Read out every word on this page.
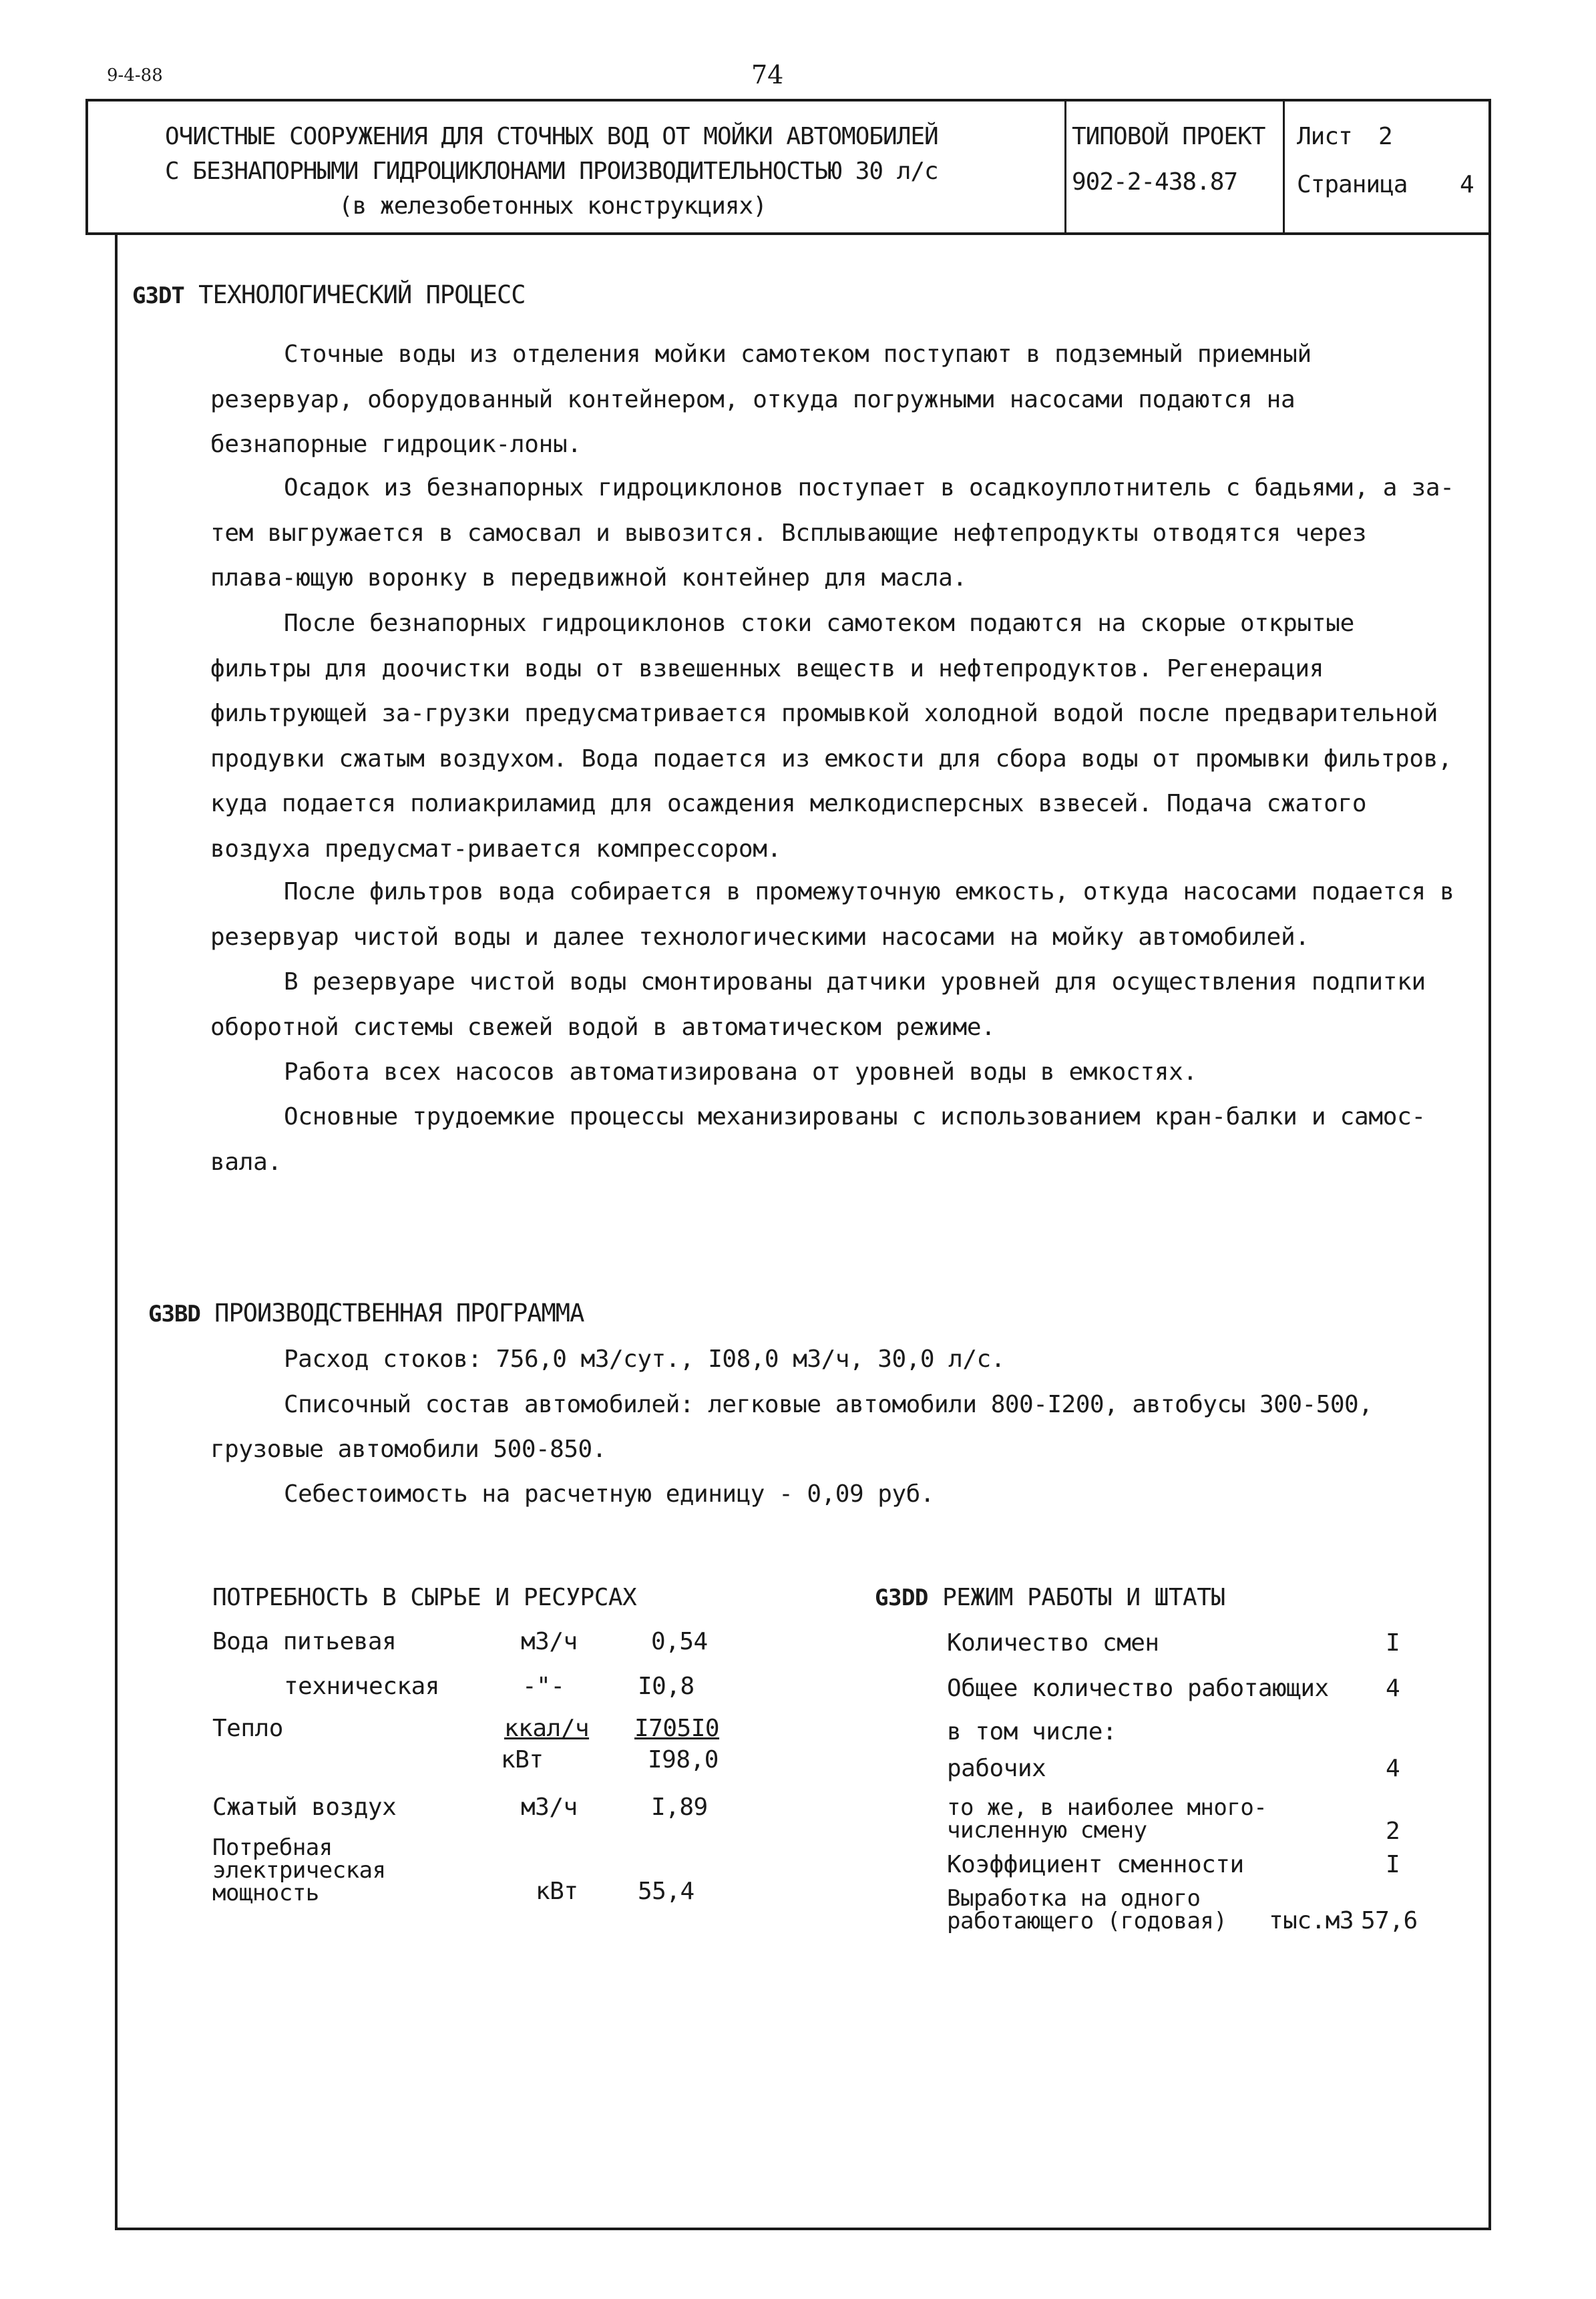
9-4-88	74
ОЧИСТНЫЕ СООРУЖЕНИЯ ДЛЯ СТОЧНЫХ ВОД ОТ МОЙКИ АВТОМОБИЛЕЙ
С БЕЗНАПОРНЫМИ ГИДРОЦИКЛОНАМИ ПРОИЗВОДИТЕЛЬНОСТЬЮ 30 л/с
(в железобетонных конструкциях)
ТИПОВОЙ ПРОЕКТ
902-2-438.87
Лист 2
Страница 4
G3DT ТЕХНОЛОГИЧЕСКИЙ ПРОЦЕСС
Сточные воды из отделения мойки самотеком поступают в подземный приемный резервуар, оборудованный контейнером, откуда погружными насосами подаются на безнапорные гидроцик-лоны.
Осадок из безнапорных гидроциклонов поступает в осадкоуплотнитель с бадьями, а за-тем выгружается в самосвал и вывозится. Всплывающие нефтепродукты отводятся через плава-ющую воронку в передвижной контейнер для масла.
После безнапорных гидроциклонов стоки самотеком подаются на скорые открытые фильтры для доочистки воды от взвешенных веществ и нефтепродуктов. Регенерация фильтрующей за-грузки предусматривается промывкой холодной водой после предварительной продувки сжатым воздухом. Вода подается из емкости для сбора воды от промывки фильтров, куда подается полиакриламид для осаждения мелкодисперсных взвесей. Подача сжатого воздуха предусмат-ривается компрессором.
После фильтров вода собирается в промежуточную емкость, откуда насосами подается в резервуар чистой воды и далее технологическими насосами на мойку автомобилей.
В резервуаре чистой воды смонтированы датчики уровней для осуществления подпитки оборотной системы свежей водой в автоматическом режиме.
Работа всех насосов автоматизирована от уровней воды в емкостях.
Основные трудоемкие процессы механизированы с использованием кран-балки и самос-вала.
G3BD ПРОИЗВОДСТВЕННАЯ ПРОГРАММА
Расход стоков: 756,0 м3/сут., I08,0 м3/ч, 30,0 л/с.
Списочный состав автомобилей: легковые автомобили 800-I200, автобусы 300-500,
грузовые автомобили 500-850.
Себестоимость на расчетную единицу - 0,09 руб.
ПОТРЕБНОСТЬ В СЫРЬЕ И РЕСУРСАХ
Вода питьевая	м3/ч	0,54
техническая	-"-	I0,8
Тепло	ккал/ч I705I0
кВт	I98,0
Сжатый воздух	м3/ч	I,89
Потребная
электрическая
мощность	кВт 55,4
G3DD РЕЖИМ РАБОТЫ И ШТАТЫ
Количество смен	I
Общее количество работающих 4
в том числе:
рабочих	4
то же, в наиболее много-
численную смену	2
Коэффициент сменности	I
Выработка на одного
работающего (годовая) тыс.м3 57,6
